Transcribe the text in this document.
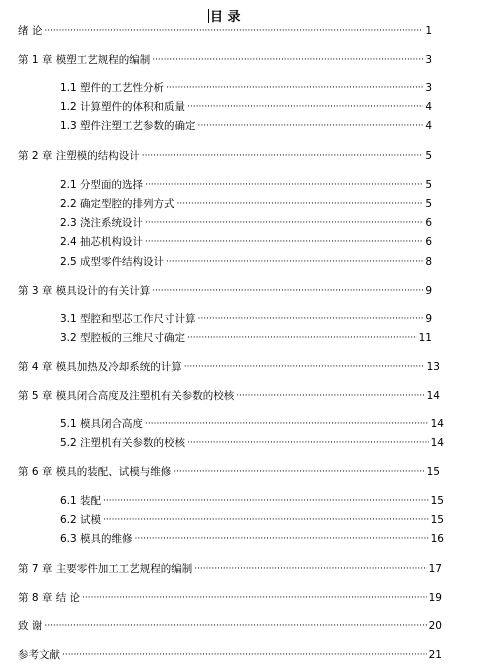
目 录
绪 论 ·····	1
第 1 章 模塑工艺规程的编制 ·····	3
1.1 塑件的工艺性分析 ·····	3
1.2 计算塑件的体积和质量 ·····	4
1.3 塑件注塑工艺参数的确定 ·····	4
第 2 章 注塑模的结构设计 ·····	5
2.1 分型面的选择 ·····	5
2.2 确定型腔的排列方式 ·····	5
2.3 浇注系统设计 ·····	6
2.4 抽芯机构设计 ·····	6
2.5 成型零件结构设计 ·····	8
第 3 章 模具设计的有关计算 ·····	9
3.1 型腔和型芯工作尺寸计算 ·····	9
3.2 型腔板的三维尺寸确定 ·····	11
第 4 章 模具加热及冷却系统的计算 ·····	13
第 5 章 模具闭合高度及注塑机有关参数的校核 ·····	14
5.1 模具闭合高度 ·····	14
5.2 注塑机有关参数的校核 ·····	14
第 6 章 模具的装配、试模与维修 ·····	15
6.1 装配 ·····	15
6.2 试模 ·····	15
6.3 模具的维修 ·····	16
第 7 章 主要零件加工工艺规程的编制 ·····	17
第 8 章 结 论 ·····	19
致 谢 ·····	20
参考文献 ·····	21
